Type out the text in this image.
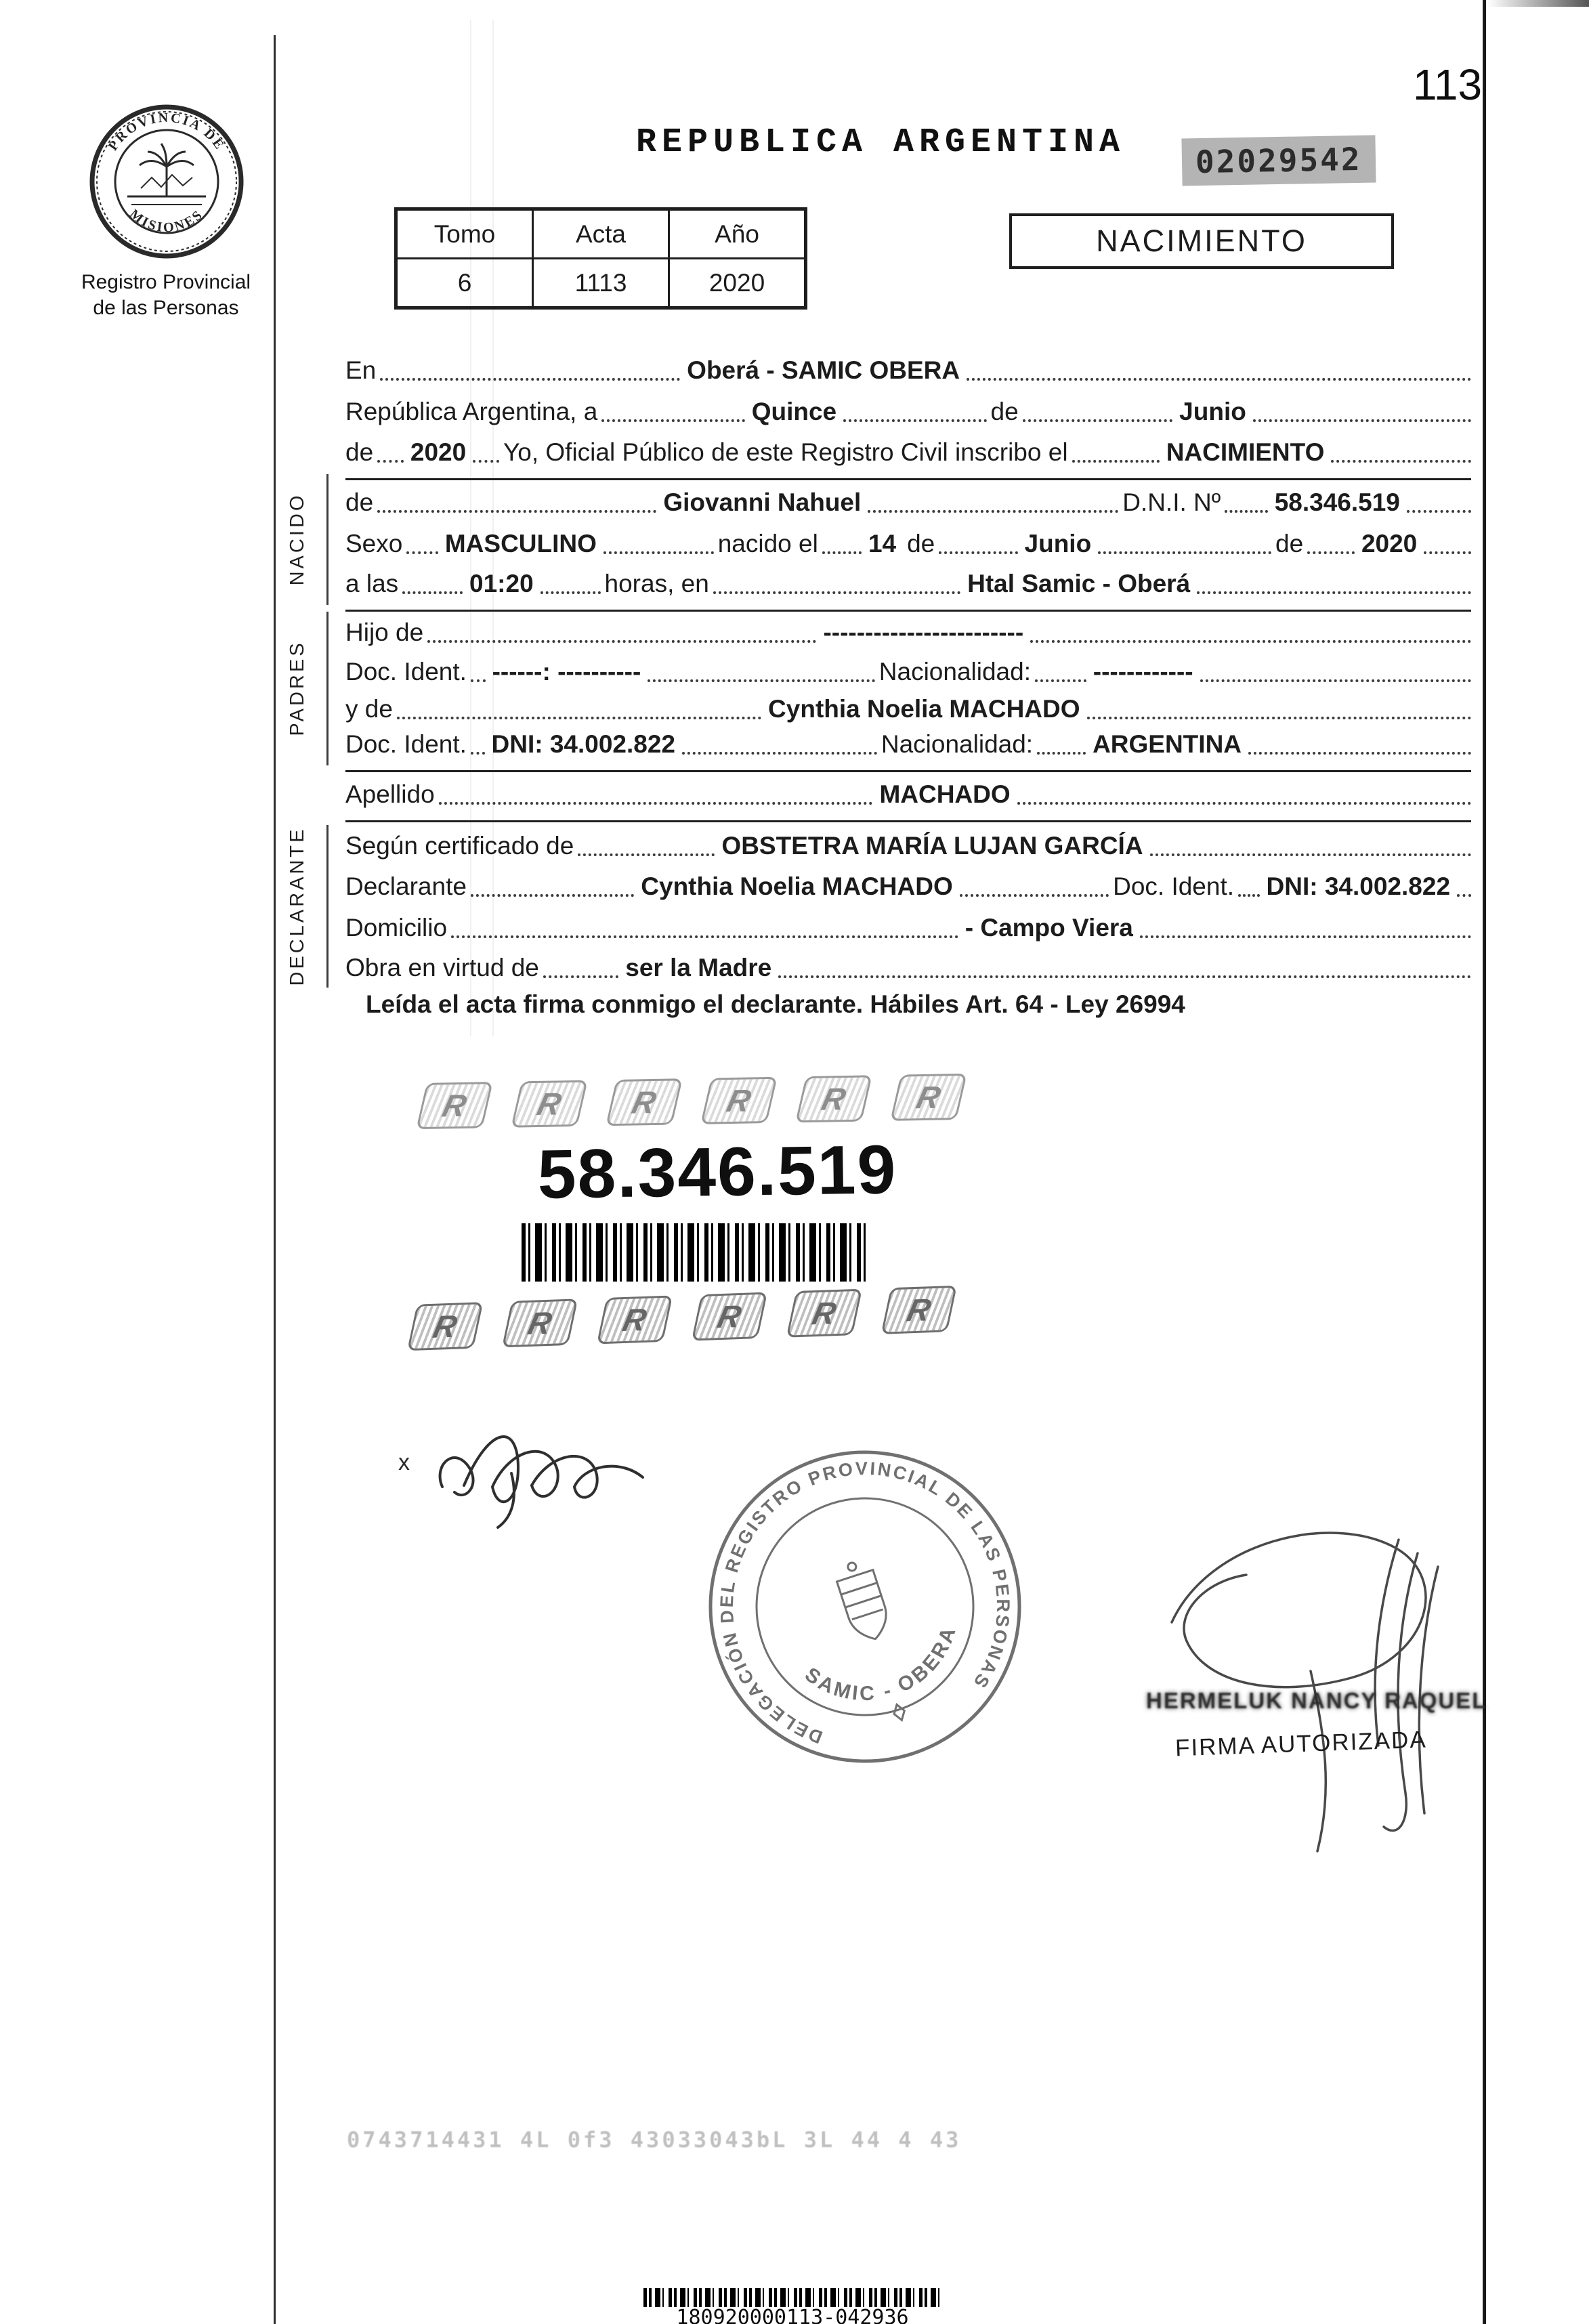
113
PROVINCIA DE
MISIONES
Registro Provincial
de las Personas
REPUBLICA ARGENTINA	02029542
Tomo	Acta	Año
6	1113	2020
NACIMIENTO
NACIDO
PADRES
DECLARANTE
En	Oberá - SAMIC OBERA
República Argentina, a	Quince	de	Junio
de 2020 Yo, Oficial Público de este Registro Civil inscribo el	NACIMIENTO
de	Giovanni Nahuel	D.N.I. Nº 58.346.519
Sexo MASCULINO	nacido el 14 de	Junio	de 2020
a las	01:20	horas, en	Htal Samic - Oberá
Hijo de	------------------------
Doc. Ident. ------: ----------	Nacionalidad: ------------
y de	Cynthia Noelia MACHADO
Doc. Ident. DNI: 34.002.822	Nacionalidad: ARGENTINA
Apellido	MACHADO
Según certificado de	OBSTETRA MARÍA LUJAN GARCÍA
Declarante	Cynthia Noelia MACHADO	Doc. Ident. DNI: 34.002.822
Domicilio	- Campo Viera
Obra en virtud de	ser la Madre
Leída el acta firma conmigo el declarante. Hábiles Art. 64 - Ley 26994
R R R R R R
58.346.519
R R R R R R
x
DELEGACIÓN DEL REGISTRO PROVINCIAL DE LAS PERSONAS
SAMIC - OBERA
HERMELUK NANCY RAQUEL
FIRMA AUTORIZADA
0743714431 4L 0f3 43033043bL 3L 44 4 43
180920000113-042936
